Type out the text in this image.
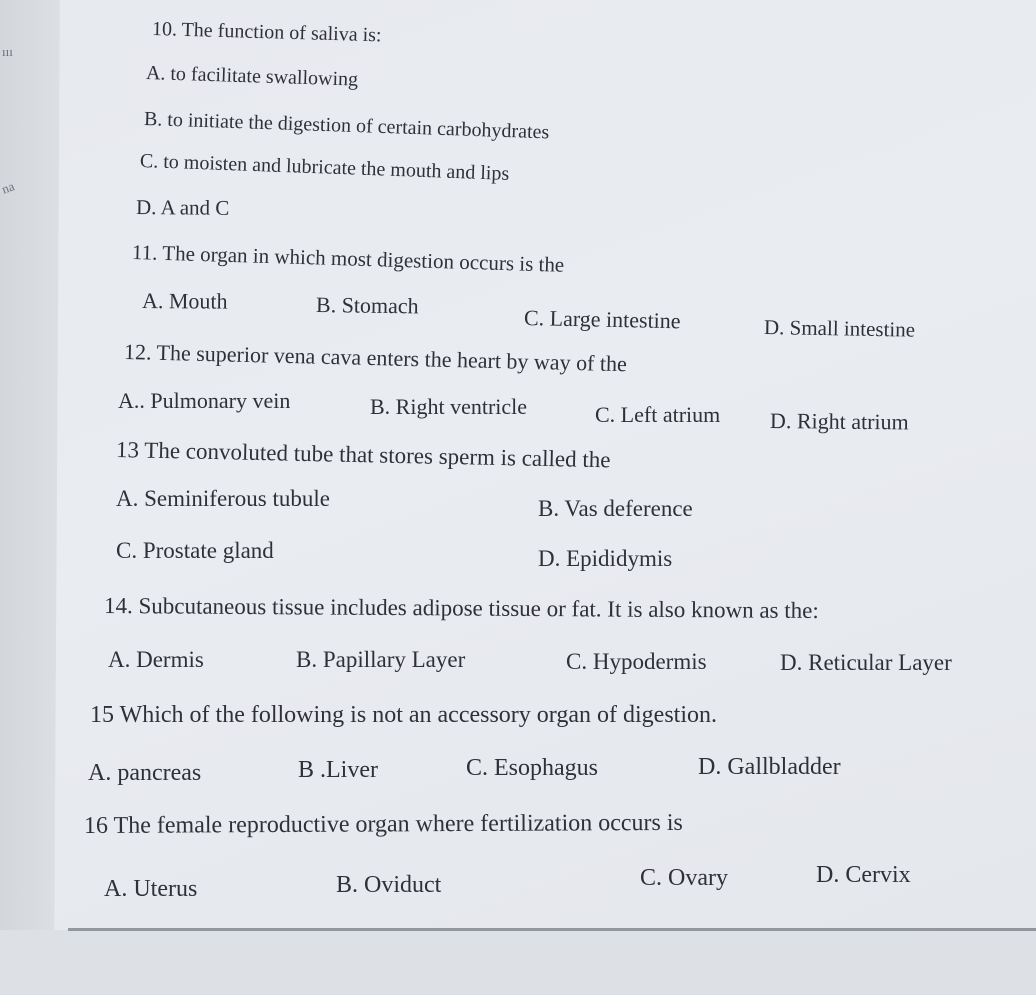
ııı
na
10. The function of saliva is:
A. to facilitate swallowing
B. to initiate the digestion of certain carbohydrates
C. to moisten and lubricate the mouth and lips
D. A and C
11. The organ in which most digestion occurs is the
A. Mouth	B. Stomach	C. Large intestine	D. Small intestine
12. The superior vena cava enters the heart by way of the
A.. Pulmonary vein	B. Right ventricle	C. Left atrium D. Right atrium
13 The convoluted tube that stores sperm is called the
A. Seminiferous tubule	B. Vas deference
C. Prostate gland	D. Epididymis
14. Subcutaneous tissue includes adipose tissue or fat. It is also known as the:
A. Dermis	B. Papillary Layer	C. Hypodermis	D. Reticular Layer
15 Which of the following is not an accessory organ of digestion.
A. pancreas	B .Liver	C. Esophagus	D. Gallbladder
16 The female reproductive organ where fertilization occurs is
A. Uterus	B. Oviduct	C. Ovary	D. Cervix
